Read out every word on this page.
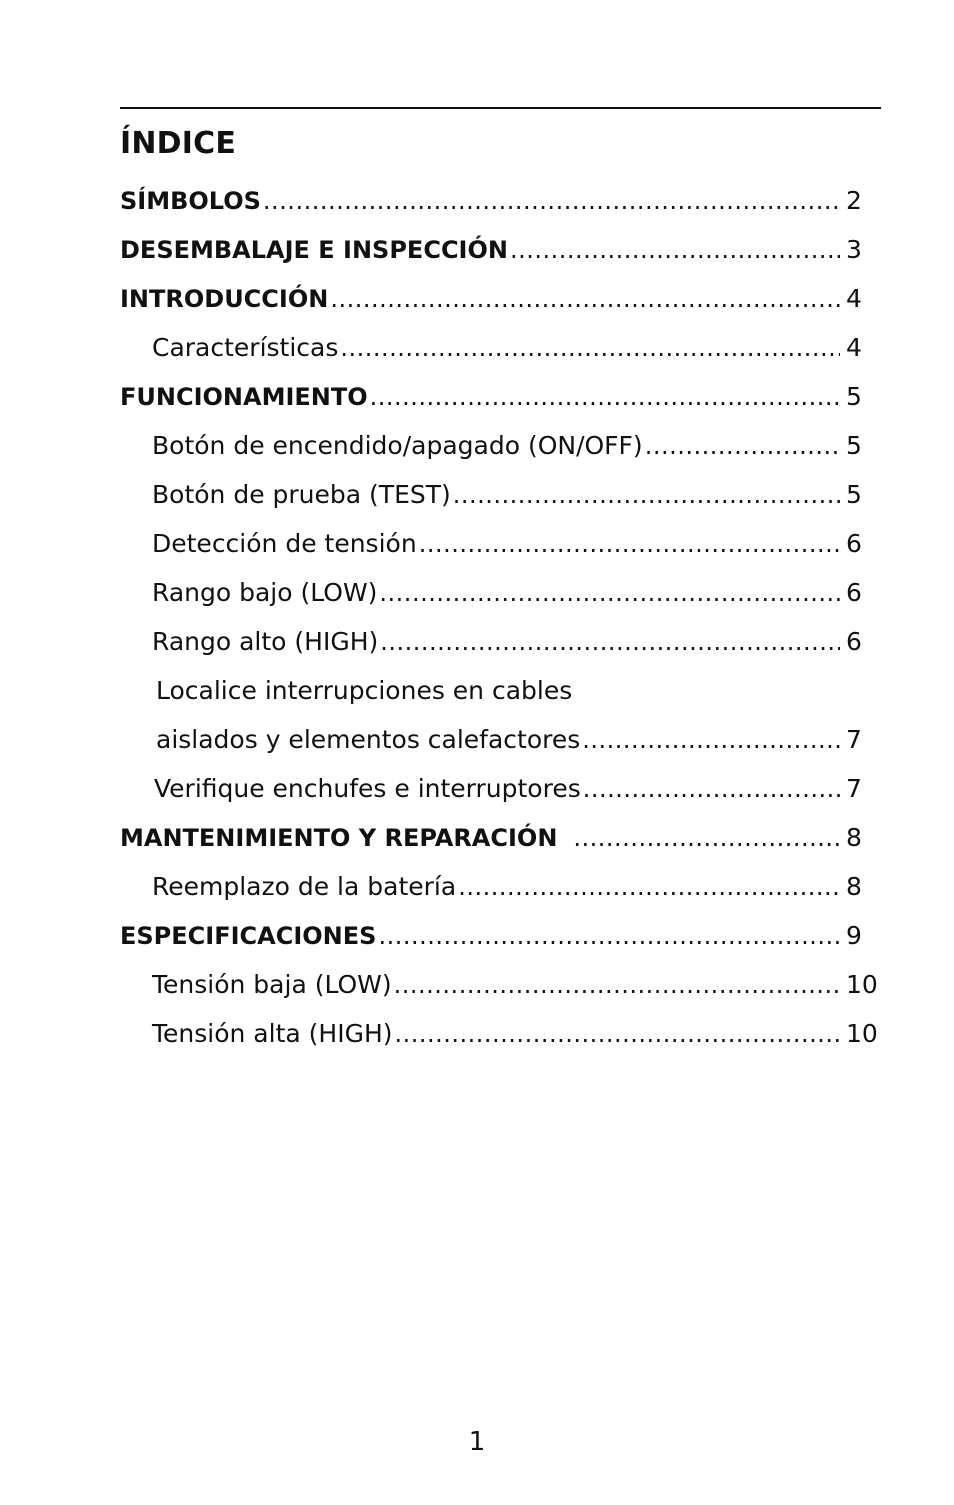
ÍNDICE
SÍMBOLOS .....	2
DESEMBALAJE E INSPECCIÓN .....	3
INTRODUCCIÓN .....	4
Características .....	4
FUNCIONAMIENTO .....	5
Botón de encendido/apagado (ON/OFF) .....	5
Botón de prueba (TEST) .....	5
Detección de tensión .....	6
Rango bajo (LOW) .....	6
Rango alto (HIGH) .....	6
Localice interrupciones en cables
aislados y elementos calefactores .....	7
Verifique enchufes e interruptores .....	7
MANTENIMIENTO Y REPARACIÓN .....	8
Reemplazo de la batería .....	8
ESPECIFICACIONES .....	9
Tensión baja (LOW) .....	10
Tensión alta (HIGH) .....	10
1
